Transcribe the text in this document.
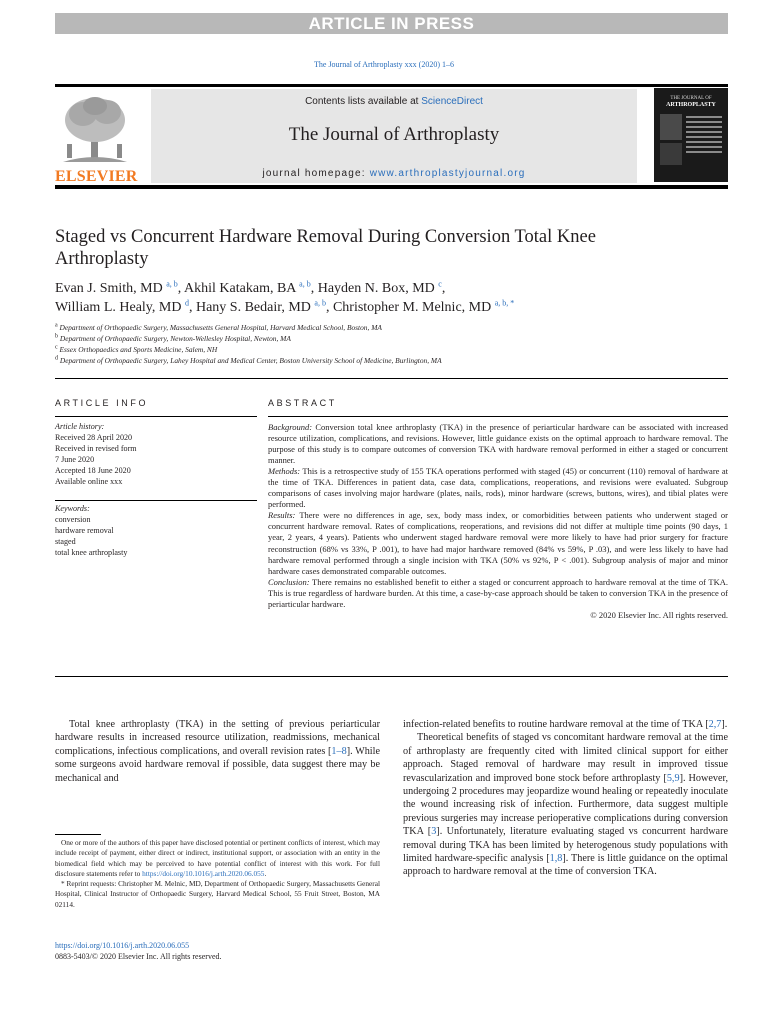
ARTICLE IN PRESS
The Journal of Arthroplasty xxx (2020) 1–6
Contents lists available at ScienceDirect
The Journal of Arthroplasty
journal homepage: www.arthroplastyjournal.org
ELSEVIER
THE JOURNAL OF
ARTHROPLASTY
Staged vs Concurrent Hardware Removal During Conversion Total Knee Arthroplasty
Evan J. Smith, MD $^{a, b}$, Akhil Katakam, BA $^{a, b}$, Hayden N. Box, MD $^c$,
William L. Healy, MD $^d$, Hany S. Bedair, MD $^{a, b}$, Christopher M. Melnic, MD $^{a, b, *}$
$^a$ Department of Orthopaedic Surgery, Massachusetts General Hospital, Harvard Medical School, Boston, MA
$^b$ Department of Orthopaedic Surgery, Newton-Wellesley Hospital, Newton, MA
$^c$ Essex Orthopaedics and Sports Medicine, Salem, NH
$^d$ Department of Orthopaedic Surgery, Lahey Hospital and Medical Center, Boston University School of Medicine, Burlington, MA
ARTICLE INFO
Article history:
Received 28 April 2020
Received in revised form
7 June 2020
Accepted 18 June 2020
Available online xxx
Keywords:
conversion
hardware removal
staged
total knee arthroplasty
ABSTRACT

Background: Conversion total knee arthroplasty (TKA) in the presence of periarticular hardware can be associated with increased resource utilization, complications, and revisions. However, little guidance exists on the optimal approach to hardware removal. The purpose of this study is to compare outcomes of conversion TKA with hardware removal performed in either a staged or concurrent manner.

Methods: This is a retrospective study of 155 TKA operations performed with staged (45) or concurrent (110) removal of hardware at the time of TKA. Differences in patient data, case data, complications, reoperations, and revisions were evaluated. Subgroup comparisons of cases involving major hardware (plates, nails, rods), minor hardware (screws, buttons, wires), and tibial plates were performed.

Results: There were no differences in age, sex, body mass index, or comorbidities between patients who underwent staged or concurrent hardware removal. Rates of complications, reoperations, and revisions did not differ at multiple time points (90 days, 1 year, 2 years, 4 years). Patients who underwent staged hardware removal were more likely to have had prior surgery for fracture reconstruction (68% vs 33%, P .001), to have had major hardware removed (84% vs 59%, P .03), and were less likely to have had hardware removal performed through a single incision with TKA (50% vs 92%, P < .001). Subgroup analysis of major and minor hardware cases demonstrated comparable outcomes.

Conclusion: There remains no established benefit to either a staged or concurrent approach to hardware removal at the time of TKA. This is true regardless of hardware burden. At this time, a case-by-case approach should be taken to conversion TKA in the presence of periarticular hardware.

© 2020 Elsevier Inc. All rights reserved.

Total knee arthroplasty (TKA) in the setting of previous periarticular hardware results in increased resource utilization, readmissions, mechanical complications, infectious complications, and overall revision rates [1–8]. While some surgeons avoid hardware removal if possible, data suggest there may be mechanical and

infection-related benefits to routine hardware removal at the time of TKA [2,7].

Theoretical benefits of staged vs concomitant hardware removal at the time of arthroplasty are frequently cited with limited clinical support for either approach. Staged removal of hardware may result in improved tissue revascularization and improved bone stock before arthroplasty [5,9]. However, undergoing 2 procedures may jeopardize wound healing or repeatedly inoculate the wound increasing risk of infection. Furthermore, data suggest multiple previous surgeries may increase perioperative complications during conversion TKA [3]. Unfortunately, literature evaluating staged vs concurrent hardware removal during TKA has been limited by heterogenous study populations with limited hardware-specific analysis [1,8]. There is little guidance on the optimal approach to hardware removal at the time of conversion TKA.

One or more of the authors of this paper have disclosed potential or pertinent conflicts of interest, which may include receipt of payment, either direct or indirect, institutional support, or association with an entity in the biomedical field which may be perceived to have potential conflict of interest with this work. For full disclosure statements refer to https://doi.org/10.1016/j.arth.2020.06.055.

* Reprint requests: Christopher M. Melnic, MD, Department of Orthopaedic Surgery, Massachusetts General Hospital, Clinical Instructor of Orthopaedic Surgery, Harvard Medical School, 55 Fruit Street, Boston, MA 02114.

https://doi.org/10.1016/j.arth.2020.06.055
0883-5403/© 2020 Elsevier Inc. All rights reserved.
